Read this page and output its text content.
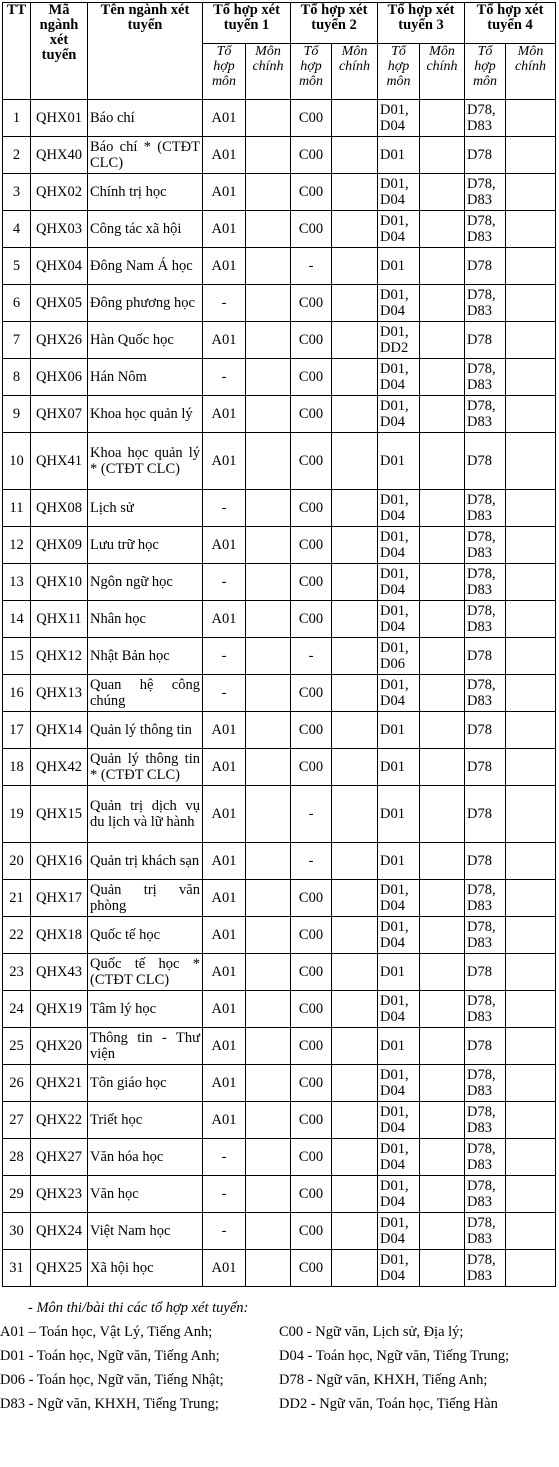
TT	Mã ngành xét tuyển	Tên ngành xét tuyển	Tổ hợp xét tuyển 1		Tổ hợp xét tuyển 2		Tổ hợp xét tuyển 3		Tổ hợp xét tuyển 4	
			Tổ hợp môn	Môn chính	Tổ hợp môn	Môn chính	Tổ hợp môn	Môn chính	Tổ hợp môn	Môn chính
1	QHX01	Báo chí	A01		C00		D01, D04		D78, D83	
2	QHX40	Báo chí * (CTĐT CLC)	A01		C00		D01		D78	
3	QHX02	Chính trị học	A01		C00		D01, D04		D78, D83	
4	QHX03	Công tác xã hội	A01		C00		D01, D04		D78, D83	
5	QHX04	Đông Nam Á học	A01		-		D01		D78	
6	QHX05	Đông phương học	-		C00		D01, D04		D78, D83	
7	QHX26	Hàn Quốc học	A01		C00		D01, DD2		D78	
8	QHX06	Hán Nôm	-		C00		D01, D04		D78, D83	
9	QHX07	Khoa học quản lý	A01		C00		D01, D04		D78, D83	
10	QHX41	Khoa học quản lý * (CTĐT CLC)	A01		C00		D01		D78	
11	QHX08	Lịch sử	-		C00		D01, D04		D78, D83	
12	QHX09	Lưu trữ học	A01		C00		D01, D04		D78, D83	
13	QHX10	Ngôn ngữ học	-		C00		D01, D04		D78, D83	
14	QHX11	Nhân học	A01		C00		D01, D04		D78, D83	
15	QHX12	Nhật Bản học	-		-		D01, D06		D78	
16	QHX13	Quan hệ công chúng	-		C00		D01, D04		D78, D83	
17	QHX14	Quản lý thông tin	A01		C00		D01		D78	
18	QHX42	Quản lý thông tin * (CTĐT CLC)	A01		C00		D01		D78	
19	QHX15	Quản trị dịch vụ du lịch và lữ hành	A01		-		D01		D78	
20	QHX16	Quản trị khách sạn	A01		-		D01		D78	
21	QHX17	Quản trị văn phòng	A01		C00		D01, D04		D78, D83	
22	QHX18	Quốc tế học	A01		C00		D01, D04		D78, D83	
23	QHX43	Quốc tế học * (CTĐT CLC)	A01		C00		D01		D78	
24	QHX19	Tâm lý học	A01		C00		D01, D04		D78, D83	
25	QHX20	Thông tin - Thư viện	A01		C00		D01		D78	
26	QHX21	Tôn giáo học	A01		C00		D01, D04		D78, D83	
27	QHX22	Triết học	A01		C00		D01, D04		D78, D83	
28	QHX27	Văn hóa học	-		C00		D01, D04		D78, D83	
29	QHX23	Văn học	-		C00		D01, D04		D78, D83	
30	QHX24	Việt Nam học	-		C00		D01, D04		D78, D83	
31	QHX25	Xã hội học	A01		C00		D01, D04		D78, D83	
- Môn thi/bài thi các tổ hợp xét tuyển:
A01 – Toán học, Vật Lý, Tiếng Anh;	C00 - Ngữ văn, Lịch sử, Địa lý;
D01 - Toán học, Ngữ văn, Tiếng Anh;	D04 - Toán học, Ngữ văn, Tiếng Trung;
D06 - Toán học, Ngữ văn, Tiếng Nhật;	D78 - Ngữ văn, KHXH, Tiếng Anh;
D83 - Ngữ văn, KHXH, Tiếng Trung;	DD2 - Ngữ văn, Toán học, Tiếng Hàn
